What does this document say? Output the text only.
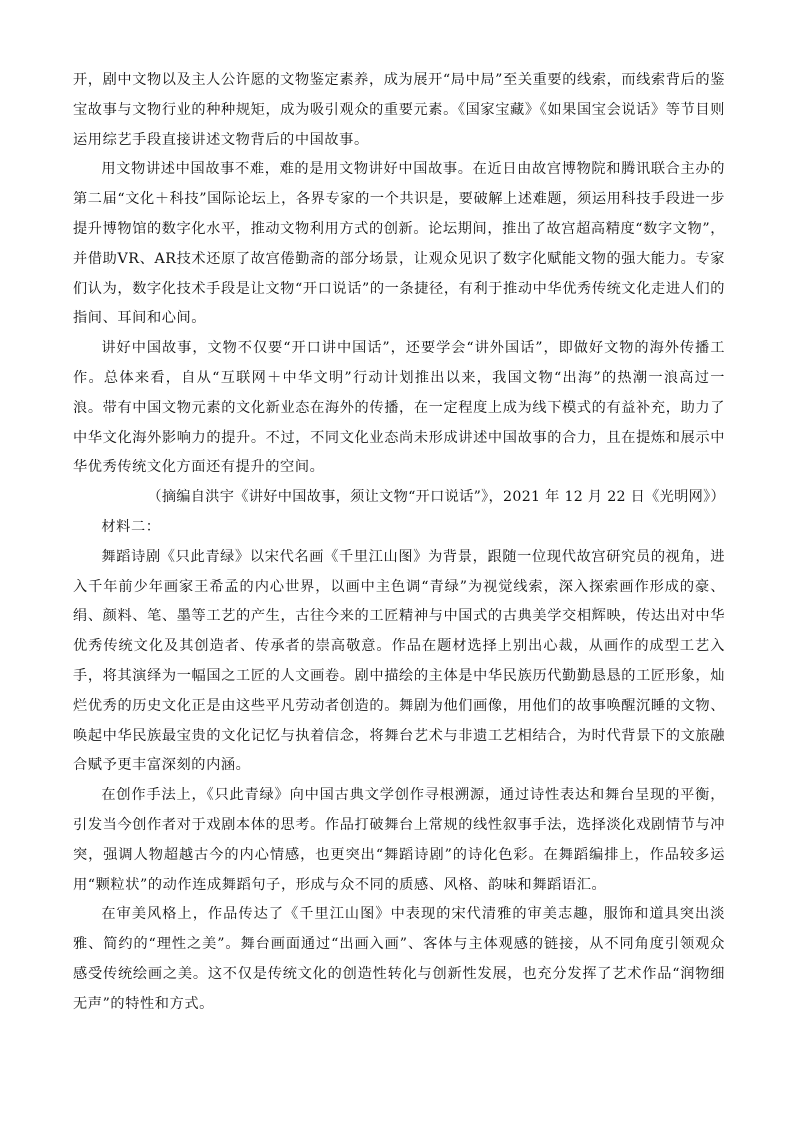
开，剧中文物以及主人公许愿的文物鉴定素养，成为展开“局中局”至关重要的线索，而线索背后的鉴宝故事与文物行业的种种规矩，成为吸引观众的重要元素。《国家宝藏》《如果国宝会说话》等节目则运用综艺手段直接讲述文物背后的中国故事。

用文物讲述中国故事不难，难的是用文物讲好中国故事。在近日由故宫博物院和腾讯联合主办的第二届“文化＋科技”国际论坛上，各界专家的一个共识是，要破解上述难题，须运用科技手段进一步提升博物馆的数字化水平，推动文物利用方式的创新。论坛期间，推出了故宫超高精度“数字文物”，并借助VR、AR技术还原了故宫倦勤斋的部分场景，让观众见识了数字化赋能文物的强大能力。专家们认为，数字化技术手段是让文物“开口说话”的一条捷径，有利于推动中华优秀传统文化走进人们的指间、耳间和心间。

讲好中国故事，文物不仅要“开口讲中国话”，还要学会“讲外国话”，即做好文物的海外传播工作。总体来看，自从“互联网＋中华文明”行动计划推出以来，我国文物“出海”的热潮一浪高过一浪。带有中国文物元素的文化新业态在海外的传播，在一定程度上成为线下模式的有益补充，助力了中华文化海外影响力的提升。不过，不同文化业态尚未形成讲述中国故事的合力，且在提炼和展示中华优秀传统文化方面还有提升的空间。

（摘编自洪宇《讲好中国故事，须让文物“开口说话”》，2021 年 12 月 22 日《光明网》）

材料二：

舞蹈诗剧《只此青绿》以宋代名画《千里江山图》为背景，跟随一位现代故宫研究员的视角，进入千年前少年画家王希孟的内心世界，以画中主色调“青绿”为视觉线索，深入探索画作形成的豪、绢、颜料、笔、墨等工艺的产生，古往今来的工匠精神与中国式的古典美学交相辉映，传达出对中华优秀传统文化及其创造者、传承者的崇高敬意。作品在题材选择上别出心裁，从画作的成型工艺入手，将其演绎为一幅国之工匠的人文画卷。剧中描绘的主体是中华民族历代勤勤恳恳的工匠形象，灿烂优秀的历史文化正是由这些平凡劳动者创造的。舞剧为他们画像，用他们的故事唤醒沉睡的文物、唤起中华民族最宝贵的文化记忆与执着信念，将舞台艺术与非遗工艺相结合，为时代背景下的文旅融合赋予更丰富深刻的内涵。

在创作手法上，《只此青绿》向中国古典文学创作寻根溯源，通过诗性表达和舞台呈现的平衡，引发当今创作者对于戏剧本体的思考。作品打破舞台上常规的线性叙事手法，选择淡化戏剧情节与冲突，强调人物超越古今的内心情感，也更突出“舞蹈诗剧”的诗化色彩。在舞蹈编排上，作品较多运用“颗粒状”的动作连成舞蹈句子，形成与众不同的质感、风格、韵味和舞蹈语汇。

在审美风格上，作品传达了《千里江山图》中表现的宋代清雅的审美志趣，服饰和道具突出淡雅、简约的“理性之美”。舞台画面通过“出画入画”、客体与主体观感的链接，从不同角度引领观众感受传统绘画之美。这不仅是传统文化的创造性转化与创新性发展，也充分发挥了艺术作品“润物细无声”的特性和方式。
